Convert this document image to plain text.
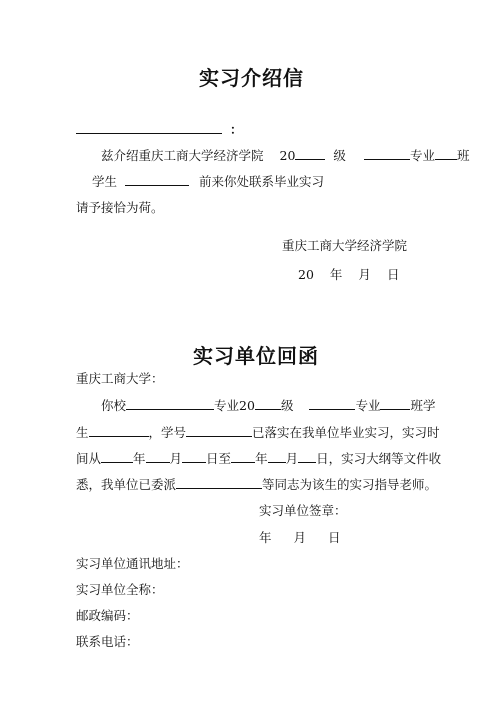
实习介绍信
：
兹介绍重庆工商大学经济学院 20	级	专业 班
学生	前来你处联系毕业实习
请予接恰为荷。
重庆工商大学经济学院
20 年 月 日
实习单位回函
重庆工商大学：
你校	专业20 级	专业 班学
生	，学号	已落实在我单位毕业实习，实习时
间从	年 月 日至 年 月 日，实习大纲等文件收
悉，我单位已委派	等同志为该生的实习指导老师。
实习单位签章：
年 月 日
实习单位通讯地址：
实习单位全称：
邮政编码：
联系电话：
